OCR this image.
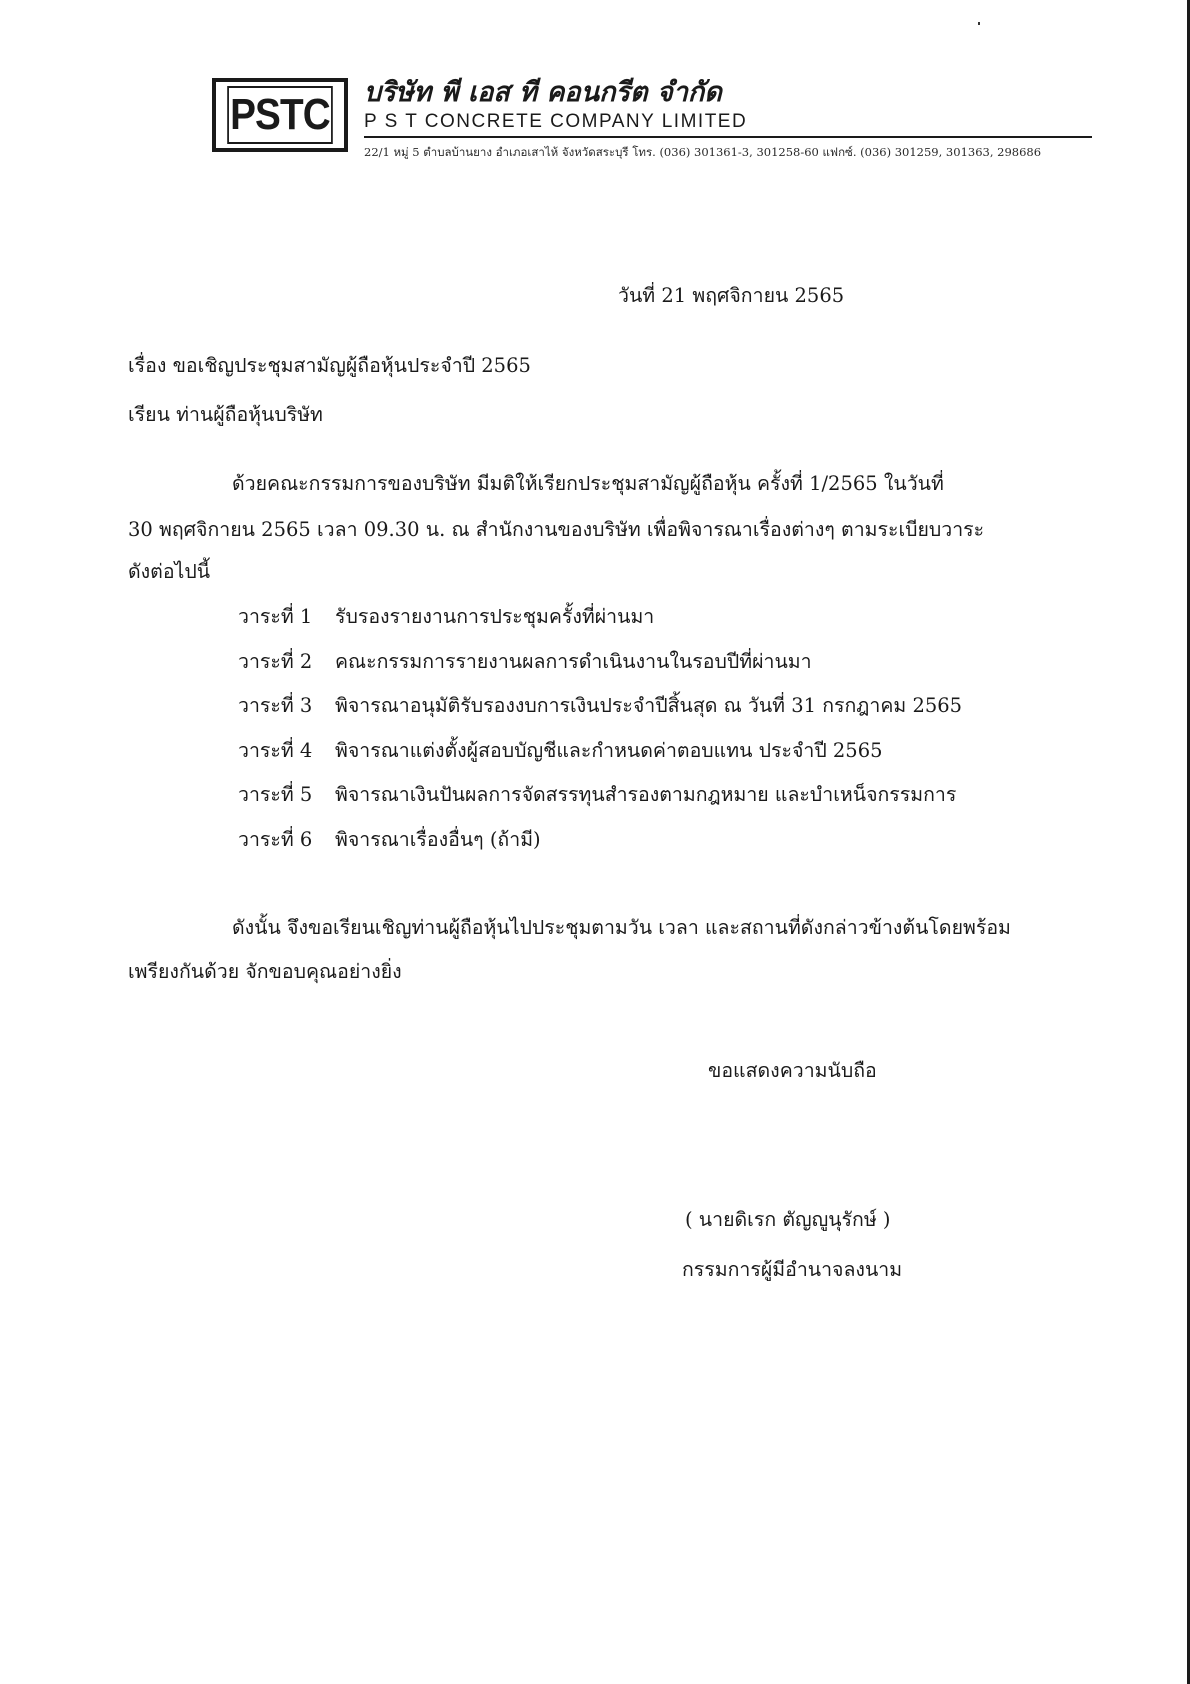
PSTC บริษัท พี เอส ที คอนกรีต จำกัด
P S T CONCRETE COMPANY LIMITED
22/1 หมู่ 5 ตำบลบ้านยาง อำเภอเสาไห้ จังหวัดสระบุรี โทร. (036) 301361-3, 301258-60 แฟกซ์. (036) 301259, 301363, 298686
วันที่ 21 พฤศจิกายน 2565
เรื่อง ขอเชิญประชุมสามัญผู้ถือหุ้นประจำปี 2565
เรียน ท่านผู้ถือหุ้นบริษัท
ด้วยคณะกรรมการของบริษัท มีมติให้เรียกประชุมสามัญผู้ถือหุ้น ครั้งที่ 1/2565 ในวันที่
30 พฤศจิกายน 2565 เวลา 09.30 น. ณ สำนักงานของบริษัท เพื่อพิจารณาเรื่องต่างๆ ตามระเบียบวาระ
ดังต่อไปนี้
วาระที่ 1 รับรองรายงานการประชุมครั้งที่ผ่านมา
วาระที่ 2 คณะกรรมการรายงานผลการดำเนินงานในรอบปีที่ผ่านมา
วาระที่ 3 พิจารณาอนุมัติรับรองงบการเงินประจำปีสิ้นสุด ณ วันที่ 31 กรกฎาคม 2565
วาระที่ 4 พิจารณาแต่งตั้งผู้สอบบัญชีและกำหนดค่าตอบแทน ประจำปี 2565
วาระที่ 5 พิจารณาเงินปันผลการจัดสรรทุนสำรองตามกฎหมาย และบำเหน็จกรรมการ
วาระที่ 6 พิจารณาเรื่องอื่นๆ (ถ้ามี)
ดังนั้น จึงขอเรียนเชิญท่านผู้ถือหุ้นไปประชุมตามวัน เวลา และสถานที่ดังกล่าวข้างต้นโดยพร้อม
เพรียงกันด้วย จักขอบคุณอย่างยิ่ง
ขอแสดงความนับถือ
( นายดิเรก ตัญญูนุรักษ์ )
กรรมการผู้มีอำนาจลงนาม
